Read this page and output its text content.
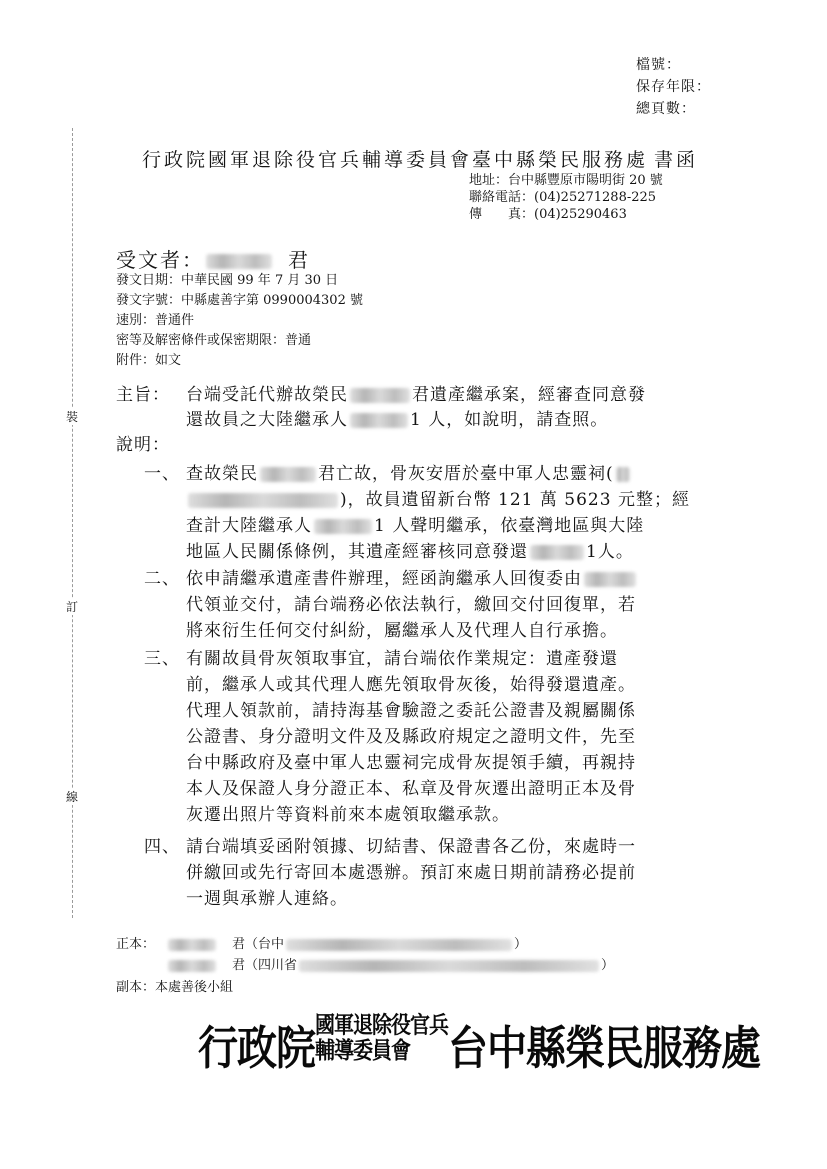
檔號：
保存年限：
總頁數：
裝
訂
線
行政院國軍退除役官兵輔導委員會臺中縣榮民服務處 書函
地址：台中縣豐原市陽明街 20 號
聯絡電話：(04)25271288-225
傳　　真：(04)25290463
受文者：	君
發文日期：中華民國 99 年 7 月 30 日
發文字號：中縣處善字第 0990004302 號
速別：普通件
密等及解密條件或保密期限：普通
附件：如文
主旨： 台端受託代辦故榮民	君遺產繼承案，經審查同意發
還故員之大陸繼承人	1 人，如說明，請查照。
說明：
一、 查故榮民	君亡故，骨灰安厝於臺中軍人忠靈祠(
)，故員遺留新台幣 121 萬 5623 元整；經
查計大陸繼承人	1 人聲明繼承，依臺灣地區與大陸
地區人民關係條例，其遺產經審核同意發還	1人。
二、 依申請繼承遺產書件辦理，經函詢繼承人回復委由
代領並交付，請台端務必依法執行，繳回交付回復單，若
將來衍生任何交付糾紛，屬繼承人及代理人自行承擔。
三、 有關故員骨灰領取事宜，請台端依作業規定：遺產發還
前，繼承人或其代理人應先領取骨灰後，始得發還遺產。
代理人領款前，請持海基會驗證之委託公證書及親屬關係
公證書、身分證明文件及及縣政府規定之證明文件，先至
台中縣政府及臺中軍人忠靈祠完成骨灰提領手續，再親持
本人及保證人身分證正本、私章及骨灰遷出證明正本及骨
灰遷出照片等資料前來本處領取繼承款。
四、 請台端填妥函附領據、切結書、保證書各乙份，來處時一
併繳回或先行寄回本處憑辦。預訂來處日期前請務必提前
一週與承辦人連絡。
正本：	君（台中	）
君（四川省	）
副本：本處善後小組
行政院 國軍退除役官兵
輔導委員會 台中縣榮民服務處
